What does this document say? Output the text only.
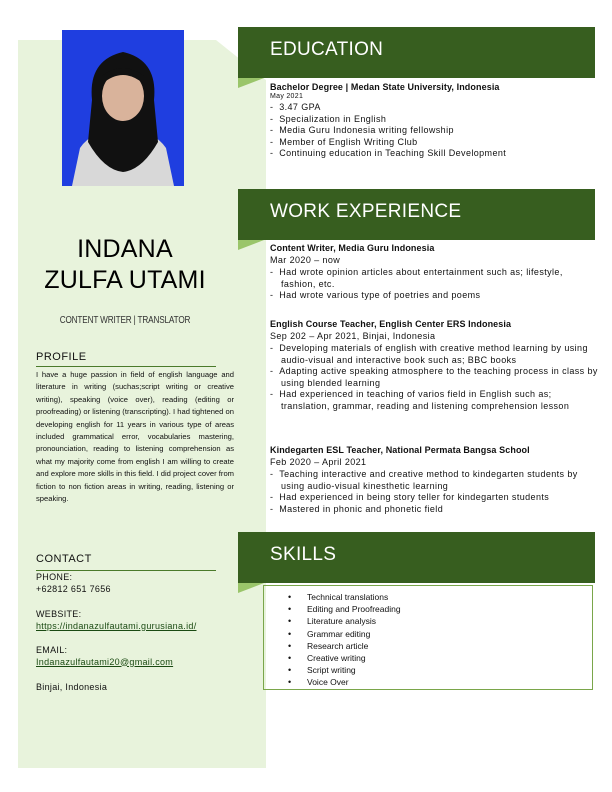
INDANA
ZULFA UTAMI
CONTENT WRITER | TRANSLATOR
PROFILE
I have a huge passion in field of english language and literature in writing (suchas;script writing or creative writing), speaking (voice over), reading (editing or proofreading) or listening (transcripting). I had tightened on developing english for 11 years in various type of areas included grammatical error, vocabularies mastering, pronounciation, reading to listening comprehension as what my majority come from english I am willing to create and explore more skills in this field. I did project cover from fiction to non fiction areas in writing, reading, listening or speaking.
CONTACT
PHONE:
+62812 651 7656
WEBSITE:
https://indanazulfautami.gurusiana.id/
EMAIL:
Indanazulfautami20@gmail.com
Binjai, Indonesia
EDUCATION
Bachelor Degree | Medan State University, Indonesia
May 2021
-  3.47 GPA
-  Specialization in English
-  Media Guru Indonesia writing fellowship
-  Member of English Writing Club
-  Continuing education in Teaching Skill Development
WORK EXPERIENCE
Content Writer, Media Guru Indonesia
Mar 2020 – now
-  Had wrote opinion articles about entertainment such as; lifestyle, fashion, etc.
-  Had wrote various type of poetries and poems
English Course Teacher, English Center ERS Indonesia
Sep 202 – Apr 2021, Binjai, Indonesia
-  Developing materials of english with creative method learning by using audio-visual and interactive book such as; BBC books
-  Adapting active speaking atmosphere to the teaching process in class by using blended learning
-  Had experienced in teaching of varios field in English such as; translation, grammar, reading and listening comprehension lesson
Kindegarten ESL Teacher, National Permata Bangsa School
Feb 2020 – April 2021
-  Teaching interactive and creative method to kindegarten students by using audio-visual kinesthetic learning
-  Had experienced in being story teller for kindegarten students
-  Mastered in phonic and phonetic field
SKILLS
• Technical translations
• Editing and Proofreading
• Literature analysis
• Grammar editing
• Research article
• Creative writing
• Script writing
• Voice Over
